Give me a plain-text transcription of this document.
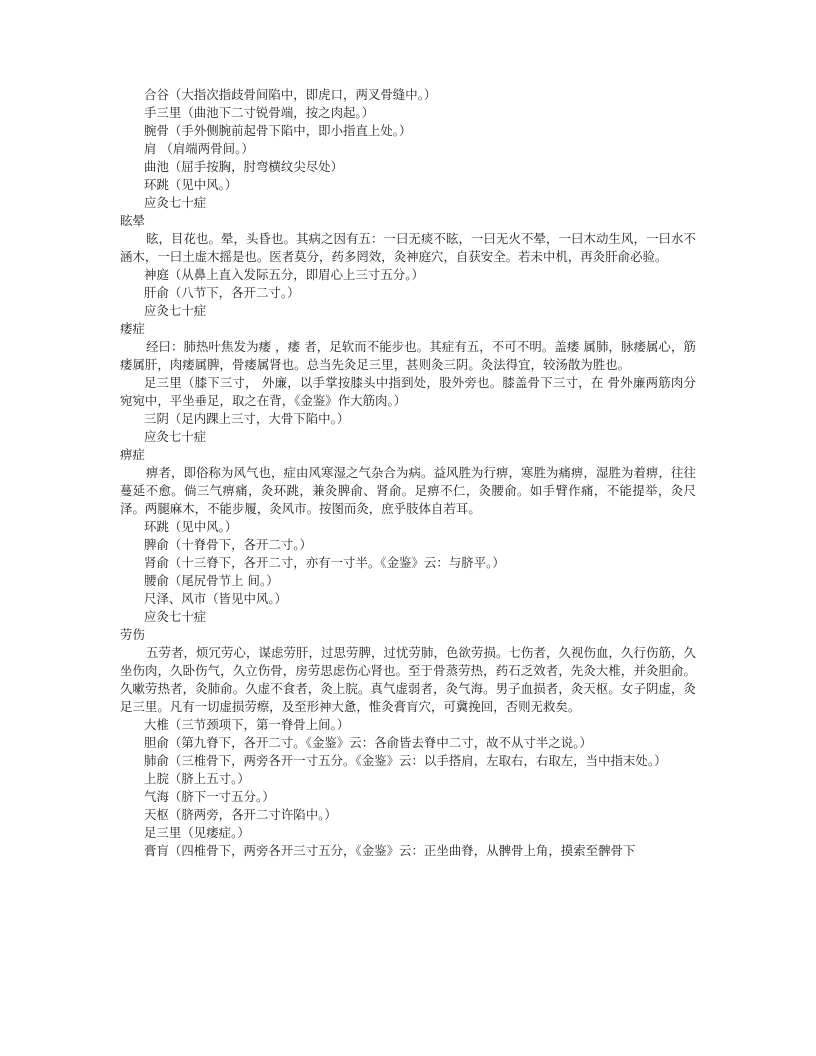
合谷（大指次指歧骨间陷中，即虎口，两叉骨缝中。）

手三里（曲池下二寸锐骨端，按之肉起。）

腕骨（手外侧腕前起骨下陷中，即小指直上处。）

肩 （肩端两骨间。）

曲池（屈手按胸，肘弯横纹尖尽处）

环跳（见中风。）

应灸七十症

眩晕

眩，目花也。晕，头昏也。其病之因有五：一曰无痰不眩，一曰无火不晕，一曰木动生风，一曰水不涵木，一曰土虚木摇是也。医者莫分，药多罔效，灸神庭穴，自获安全。若未中机，再灸肝俞必验。

神庭（从鼻上直入发际五分，即眉心上三寸五分。）

肝俞（八节下，各开二寸。）

应灸七十症

痿症

经曰：肺热叶焦发为痿 ，痿 者，足软而不能步也。其症有五，不可不明。盖痿 属肺，脉痿属心，筋痿属肝，肉痿属脾，骨痿属肾也。总当先灸足三里，甚则灸三阴。灸法得宜，较汤散为胜也。

足三里（膝下三寸， 外廉，以手掌按膝头中指到处，股外旁也。膝盖骨下三寸，在 骨外廉两筋肉分宛宛中，平坐垂足，取之在背，《金鉴》作大筋肉。）

三阴（足内踝上三寸，大骨下陷中。）

应灸七十症

痹症

痹者，即俗称为风气也，症由风寒湿之气杂合为病。益风胜为行痹，寒胜为痛痹，湿胜为着痹，往往蔓延不愈。倘三气痹痛，灸环跳，兼灸脾俞、肾俞。足痹不仁，灸腰俞。如手臂作痛，不能提举，灸尺泽。两腿麻木，不能步履，灸风市。按图而灸，庶乎肢体自若耳。

环跳（见中风。）

脾俞（十脊骨下，各开二寸。）

肾俞（十三脊下，各开二寸，亦有一寸半。《金鉴》云：与脐平。）

腰俞（尾尻骨节上 间。）

尺泽、风市（皆见中风。）

应灸七十症

劳伤

五劳者，烦冗劳心，谋虑劳肝，过思劳脾，过忧劳肺，色欲劳损。七伤者，久视伤血，久行伤筋，久坐伤肉，久卧伤气，久立伤骨，房劳思虑伤心肾也。至于骨蒸劳热，药石乏效者，先灸大椎，并灸胆俞。久嗽劳热者，灸肺俞。久虚不食者，灸上脘。真气虚弱者，灸气海。男子血损者，灸天枢。女子阴虚，灸足三里。凡有一切虚损劳瘵，及至形神大惫，惟灸膏肓穴，可冀挽回，否则无救矣。

大椎（三节颈项下，第一脊骨上间。）

胆俞（第九脊下，各开二寸。《金鉴》云：各俞皆去脊中二寸，故不从寸半之说。）

肺俞（三椎骨下，两旁各开一寸五分。《金鉴》云：以手搭肩，左取右，右取左，当中指末处。）

上脘（脐上五寸。）

气海（脐下一寸五分。）

天枢（脐两旁，各开二寸许陷中。）

足三里（见痿症。）

膏肓（四椎骨下，两旁各开三寸五分，《金鉴》云：正坐曲脊，从髀骨上角，摸索至髀骨下
